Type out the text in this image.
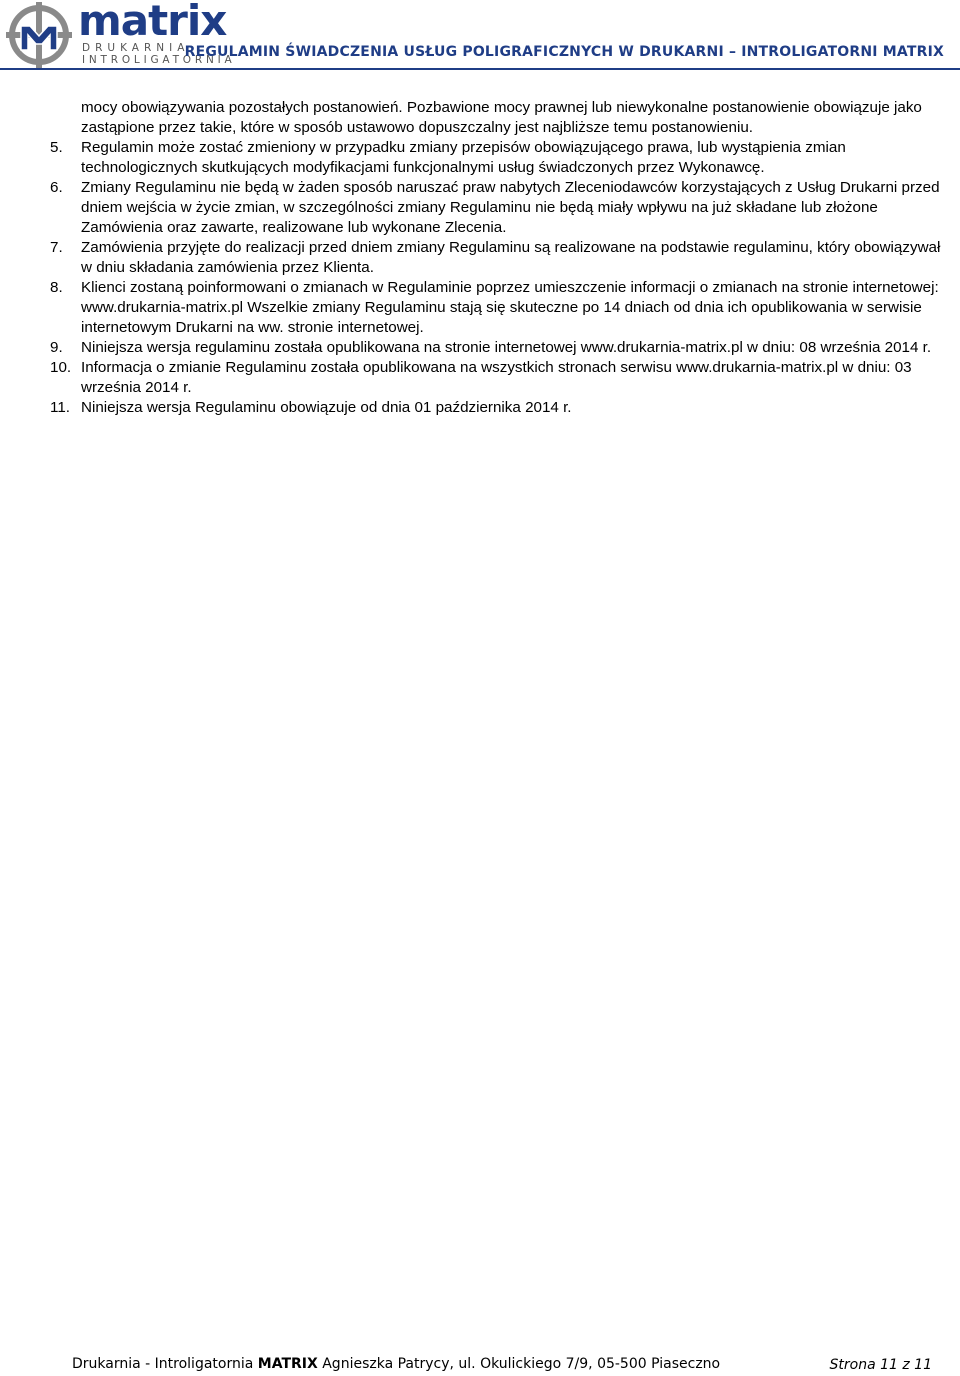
matrix
DRUKARNIA
INTROLIGATORNIA
REGULAMIN ŚWIADCZENIA USŁUG POLIGRAFICZNYCH W DRUKARNI – INTROLIGATORNI MATRIX

mocy obowiązywania pozostałych postanowień. Pozbawione mocy prawnej lub niewykonalne postanowienie obowiązuje jako zastąpione przez takie, które w sposób ustawowo dopuszczalny jest najbliższe temu postanowieniu.

5. Regulamin może zostać zmieniony w przypadku zmiany przepisów obowiązującego prawa, lub wystąpienia zmian technologicznych skutkujących modyfikacjami funkcjonalnymi usług świadczonych przez Wykonawcę.
6. Zmiany Regulaminu nie będą w żaden sposób naruszać praw nabytych Zleceniodawców korzystających z Usług Drukarni przed dniem wejścia w życie zmian, w szczególności zmiany Regulaminu nie będą miały wpływu na już składane lub złożone Zamówienia oraz zawarte, realizowane lub wykonane Zlecenia.
7. Zamówienia przyjęte do realizacji przed dniem zmiany Regulaminu są realizowane na podstawie regulaminu, który obowiązywał w dniu składania zamówienia przez Klienta.
8. Klienci zostaną poinformowani o zmianach w Regulaminie poprzez umieszczenie informacji o zmianach na stronie internetowej: www.drukarnia-matrix.pl Wszelkie zmiany Regulaminu stają się skuteczne po 14 dniach od dnia ich opublikowania w serwisie internetowym Drukarni na ww. stronie internetowej.
9. Niniejsza wersja regulaminu została opublikowana na stronie internetowej www.drukarnia-matrix.pl w dniu: 08 września 2014 r.
10. Informacja o zmianie Regulaminu została opublikowana na wszystkich stronach serwisu www.drukarnia-matrix.pl w dniu: 03 września 2014 r.
11. Niniejsza wersja Regulaminu obowiązuje od dnia 01 października 2014 r.
Drukarnia - Introligatornia MATRIX Agnieszka Patrycy, ul. Okulickiego 7/9, 05-500 Piaseczno	Strona 11 z 11
